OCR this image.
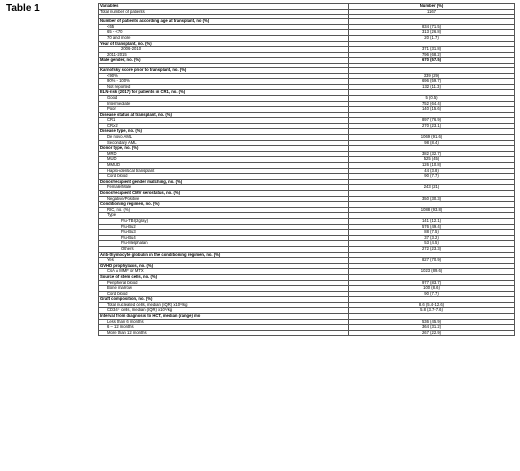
Table 1	Variables	Number (%)
Total number of patients	1167

Number of patients according age at transplant, no (%)	
<65	834 (71.5)
65 - <70	313 (26.8)
70 and more	20 (1.7)
Year of transplant, no. (%)	
2006-2010	371 (31.8)
2011-2015	796 (68.2)
Male gender, no. (%)	670 (57.5)

Karnofsky score prior to transplant, no. (%)	
<90%	339 (29)
90% - 100%	696 (59.7)
Not reported	132 (11.3)
ELN-risk (2017) for patients in CR1, no. (%)	
Good	5 (0.5)
Intermediate	752 (64.4)
Poor	140 (15.6)
Disease status at transplant, no. (%)	
CR1	897 (76.9)
CR≥2	270 (23.1)
Disease type, no. (%)	
De novo AML	1069 (91.6)
Secondary AML	98 (8.4)
Donor type, no. (%)	
MRD	382 (32.7)
MUD	525 (45)
MMUD	126 (10.8)
Haplo-identical transplant	44 (3.8)
Cord blood	90 (7.7)
Donor/recipient gender matching, no. (%)	
Female/Male	243 (21)
Donor/recipient CMV serostatus, no. (%)	
Negative/Positive	350 (30.3)
Conditioning regimen, no. (%)	
RIC, no. (%)	1088 (93.8)
Type	
Flu-TBI(2gray)	141 (12.1)
Flu-Bu2	576 (49.4)
Flu-Bu3	88 (7.5)
Flu-Bu4	37 (3.2)
Flu-Melphalan	53 (4.5)
Others	272 (23.3)
Anti-thymocyte globulin in the conditioning regimen, no. (%)	
Yes	827 (70.9)
GVHD prophylaxis, no. (%)	
CsA ± MMF or MTX	1023 (89.6)
Source of stem cells, no. (%)	
Peripheral blood	977 (83.7)
Bone marrow	100 (8.6)
Cord blood	90 (7.7)
Graft composition, no. (%)	
Total nucleated cells, median (IQR) x10⁸/kg	8.6 (5.4-12.6)
CD34⁺ cells, median (IQR) x10⁶/kg	5.8 (3.7-7.6)
Interval from diagnosis to HCT, median (range) mo	
Less than 6 months	536 (45.9)
6 – 12 months	364 (31.2)
More than 12 months	267 (22.9)
